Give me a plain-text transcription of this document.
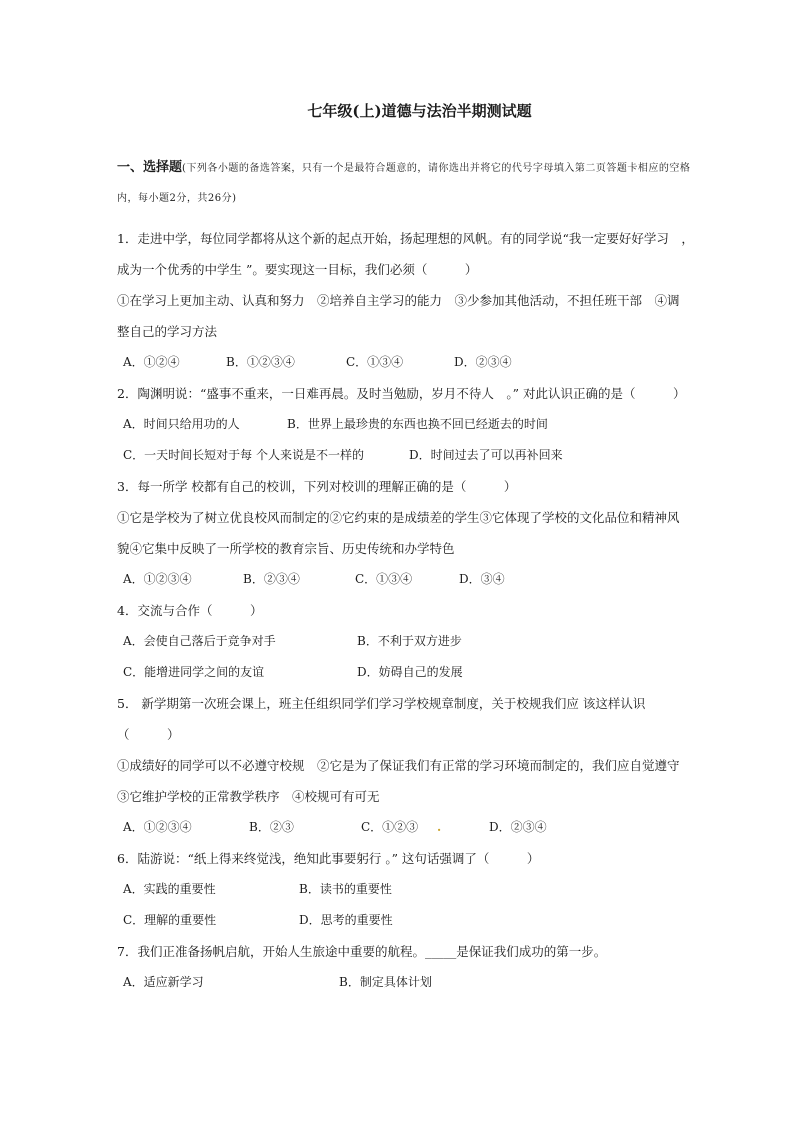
七年级(上)道德与法治半期测试题
一、选择题(下列各小题的备选答案，只有一个是最符合题意的，请你选出并将它的代号字母填入第二页答题卡相应的空格内，每小题2分，共26分)
1．走进中学，每位同学都将从这个新的起点开始，扬起理想的风帆。有的同学说“我一定要好好学习　，
成为一个优秀的中学生 ”。要实现这一目标，我们必须（　　　）
①在学习上更加主动、认真和努力　②培养自主学习的能力　③少参加其他活动，不担任班干部　④调
整自己的学习方法
A．①②④	B．①②③④	C．①③④	D．②③④
2．陶渊明说：“盛事不重来，一日难再晨。及时当勉励，岁月不待人　。” 对此认识正确的是（　　　）
A．时间只给用功的人	B．世界上最珍贵的东西也换不回已经逝去的时间
C．一天时间长短对于每 个人来说是不一样的	D．时间过去了可以再补回来
3．每一所学 校都有自己的校训，下列对校训的理解正确的是（　　　）
①它是学校为了树立优良校风而制定的②它约束的是成绩差的学生③它体现了学校的文化品位和精神风
貌④它集中反映了一所学校的教育宗旨、历史传统和办学特色
A．①②③④	B．②③④	C．①③④	D．③④
4．交流与合作（　　　）
A．会使自己落后于竞争对手	B．不利于双方进步
C．能增进同学之间的友谊	D．妨碍自己的发展
5． 新学期第一次班会课上，班主任组织同学们学习学校规章制度，关于校规我们应 该这样认识
（　　　）
①成绩好的同学可以不必遵守校规　②它是为了保证我们有正常的学习环境而制定的，我们应自觉遵守
③它维护学校的正常教学秩序　④校规可有可无
A．①②③④	B．②③	C．①②③	.	D．②③④
6．陆游说：“纸上得来终觉浅，绝知此事要躬行 。” 这句话强调了（　　　）
A．实践的重要性	B．读书的重要性
C．理解的重要性	D．思考的重要性
7．我们正准备扬帆启航，开始人生旅途中重要的航程。_____是保证我们成功的第一步。
A．适应新学习	B．制定具体计划
